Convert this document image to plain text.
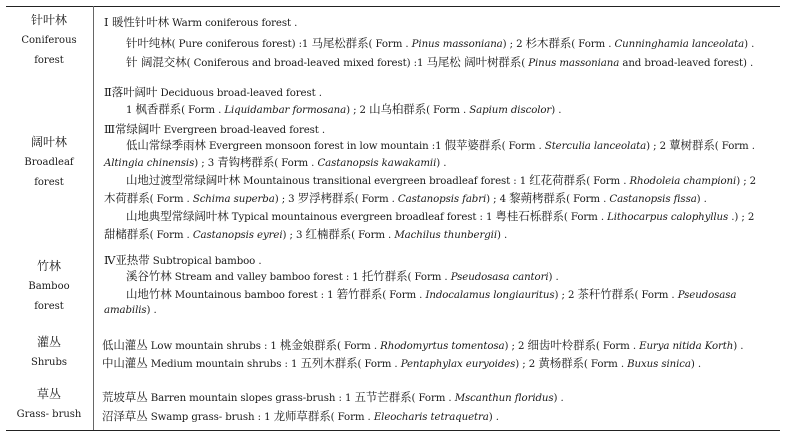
针叶林
Coniferous
forest
阔叶林
Broadleaf
forest
竹林
Bamboo
forest
灌丛
Shrubs
草丛
Grass- brush
Ⅰ 暖性针叶林 Warm coniferous forest .
针叶纯林( Pure coniferous forest) :1 马尾松群系( Form . Pinus massoniana) ; 2 杉木群系( Form . Cunninghamia lanceolata) .
针 阔混交林( Coniferous and broad-leaved mixed forest) :1 马尾松 阔叶树群系( Pinus massoniana and broad-leaved forest) .
Ⅱ落叶阔叶 Deciduous broad-leaved forest .
1 枫香群系( Form . Liquidambar formosana) ; 2 山乌桕群系( Form . Sapium discolor) .
Ⅲ常绿阔叶 Evergreen broad-leaved forest .
低山常绿季雨林 Evergreen monsoon forest in low mountain :1 假苹婆群系( Form . Sterculia lanceolata) ; 2 蕈树群系( Form .
Altingia chinensis) ; 3 青钩栲群系( Form . Castanopsis kawakamii) .
山地过渡型常绿阔叶林 Mountainous transitional evergreen broadleaf forest : 1 红花荷群系( Form . Rhodoleia championi) ; 2
木荷群系( Form . Schima superba) ; 3 罗浮栲群系( Form . Castanopsis fabri) ; 4 黎蒴栲群系( Form . Castanopsis fissa) .
山地典型常绿阔叶林 Typical mountainous evergreen broadleaf forest : 1 粤桂石栎群系( Form . Lithocarpus calophyllus .) ; 2
甜槠群系( Form . Castanopsis eyrei) ; 3 红楠群系( Form . Machilus thunbergii) .
Ⅳ亚热带 Subtropical bamboo .
溪谷竹林 Stream and valley bamboo forest : 1 托竹群系( Form . Pseudosasa cantori) .
山地竹林 Mountainous bamboo forest : 1 箬竹群系( Form . Indocalamus longiauritus) ; 2 茶秆竹群系( Form . Pseudosasa
amabilis) .
低山灌丛 Low mountain shrubs : 1 桃金娘群系( Form . Rhodomyrtus tomentosa) ; 2 细齿叶柃群系( Form . Eurya nitida Korth) .
中山灌丛 Medium mountain shrubs : 1 五列木群系( Form . Pentaphylax euryoides) ; 2 黄杨群系( Form . Buxus sinica) .
荒坡草丛 Barren mountain slopes grass-brush : 1 五节芒群系( Form . Mscanthun floridus) .
沼泽草丛 Swamp grass- brush : 1 龙师草群系( Form . Eleocharis tetraquetra) .
